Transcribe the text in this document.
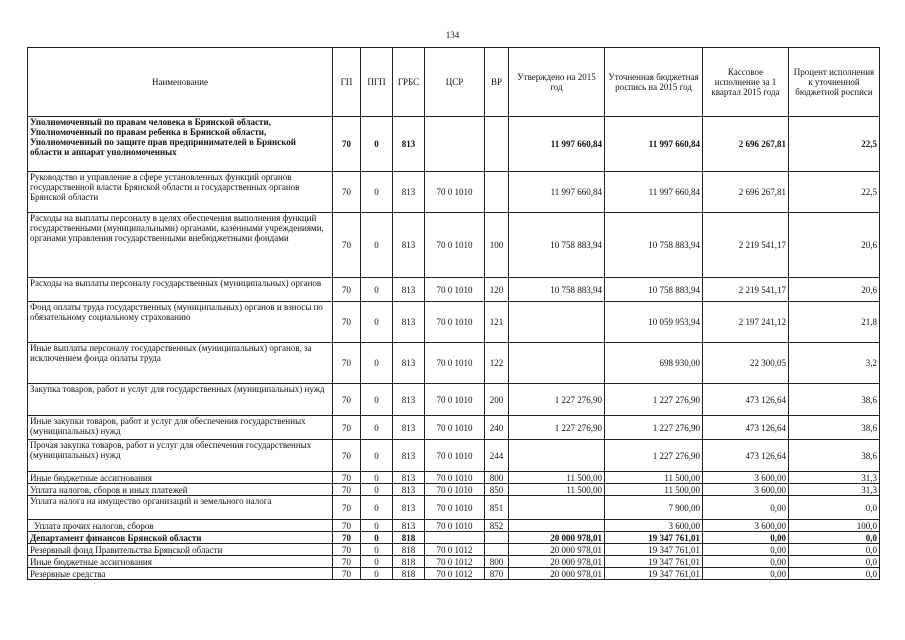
134
Наименование	ГП	ПГП	ГРБС	ЦСР	ВР	Утверждено на 2015 год	Уточненная бюджетная роспись на 2015 год	Кассовое исполнение за 1 квартал 2015 года	Процент исполнения к уточненной бюджетной росписи
Уполномоченный по правам человека в Брянской области, Уполномоченный по правам ребенка в Брянской области, Уполномоченный по защите прав предпринимателей в Брянской области и аппарат уполномоченных	70	0	813			11 997 660,84	11 997 660,84	2 696 267,81	22,5
Руководство и управление в сфере установленных функций органов государственной власти Брянской области и государственных органов Брянской области	70	0	813	70 0 1010		11 997 660,84	11 997 660,84	2 696 267,81	22,5
Расходы на выплаты персоналу в целях обеспечения выполнения функций государственными (муниципальными) органами, казенными учреждениями, органами управления государственными внебюджетными фондами	70	0	813	70 0 1010	100	10 758 883,94	10 758 883,94	2 219 541,17	20,6
Расходы на выплаты персоналу государственных (муниципальных) органов	70	0	813	70 0 1010	120	10 758 883,94	10 758 883,94	2 219 541,17	20,6
Фонд оплаты труда государственных (муниципальных) органов и взносы по обязательному социальному страхованию	70	0	813	70 0 1010	121		10 059 953,94	2 197 241,12	21,8
Иные выплаты персоналу государственных (муниципальных) органов, за исключением фонда оплаты труда	70	0	813	70 0 1010	122		698 930,00	22 300,05	3,2
Закупка товаров, работ и услуг для государственных (муниципальных) нужд	70	0	813	70 0 1010	200	1 227 276,90	1 227 276,90	473 126,64	38,6
Иные закупки товаров, работ и услуг для обеспечения государственных (муниципальных) нужд	70	0	813	70 0 1010	240	1 227 276,90	1 227 276,90	473 126,64	38,6
Прочая закупка товаров, работ и услуг для обеспечения государственных (муниципальных) нужд	70	0	813	70 0 1010	244		1 227 276,90	473 126,64	38,6
Иные бюджетные ассигнования	70	0	813	70 0 1010	800	11 500,00	11 500,00	3 600,00	31,3
Уплата налогов, сборов и иных платежей	70	0	813	70 0 1010	850	11 500,00	11 500,00	3 600,00	31,3
Уплата налога на имущество организаций и земельного налога	70	0	813	70 0 1010	851		7 900,00	0,00	0,0
Уплата прочих налогов, сборов	70	0	813	70 0 1010	852		3 600,00	3 600,00	100,0
Департамент финансов Брянской области	70	0	818			20 000 978,01	19 347 761,01	0,00	0,0
Резервный фонд Правительства Брянской области	70	0	818	70 0 1012		20 000 978,01	19 347 761,01	0,00	0,0
Иные бюджетные ассигнования	70	0	818	70 0 1012	800	20 000 978,01	19 347 761,01	0,00	0,0
Резервные средства	70	0	818	70 0 1012	870	20 000 978,01	19 347 761,01	0,00	0,0
